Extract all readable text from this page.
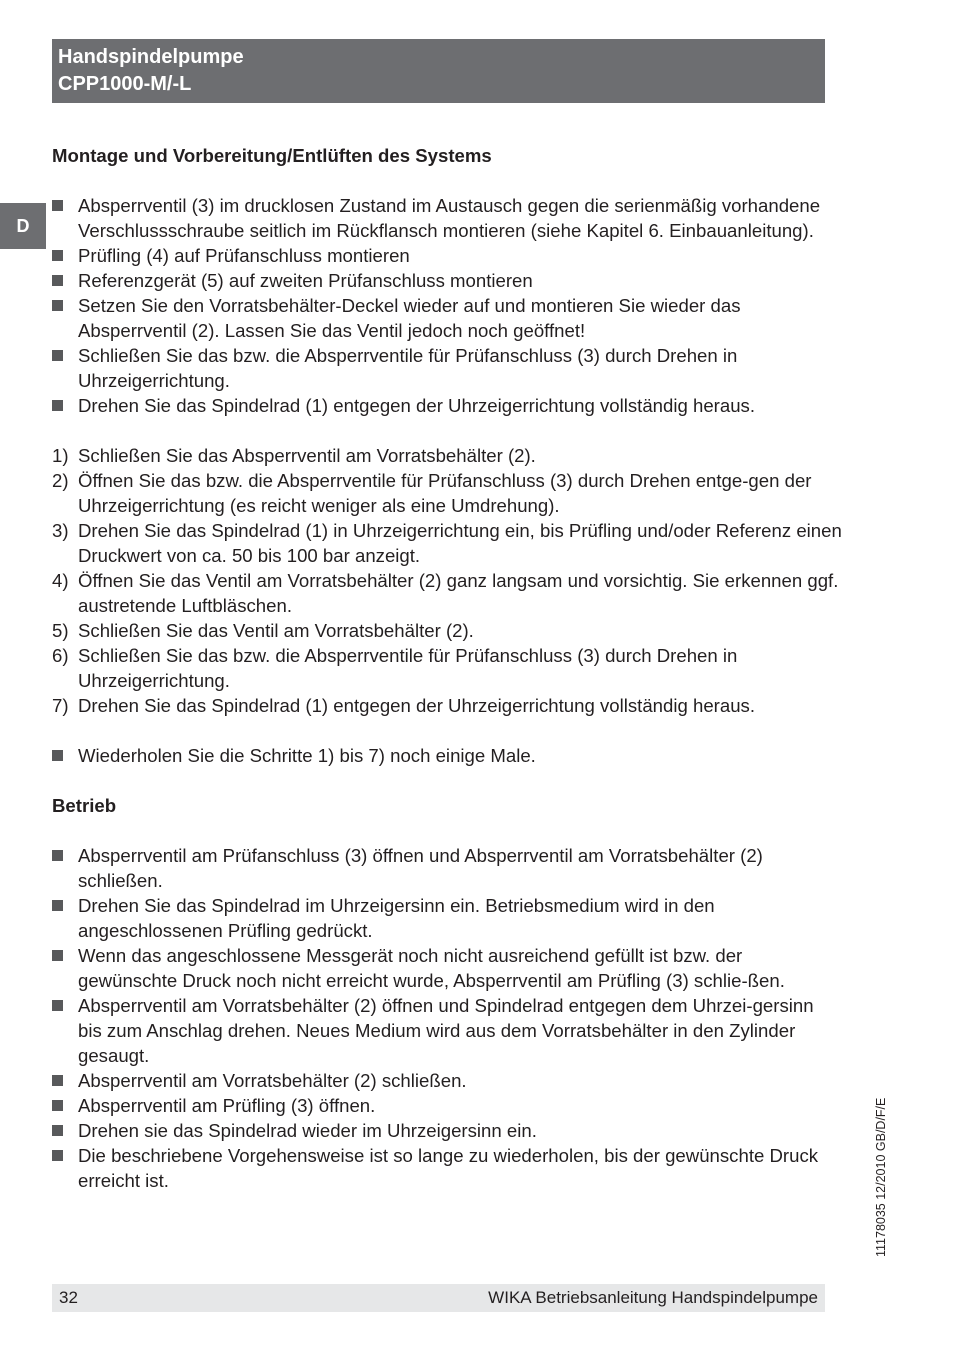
Handspindelpumpe
CPP1000-M/-L
D
Montage und Vorbereitung/Entlüften des Systems
Absperrventil (3) im drucklosen Zustand im Austausch gegen die serienmäßig vorhandene Verschlussschraube seitlich im Rückflansch montieren (siehe Kapitel 6. Einbauanleitung).
Prüfling (4) auf Prüfanschluss montieren
Referenzgerät (5) auf zweiten Prüfanschluss montieren
Setzen Sie den Vorratsbehälter-Deckel wieder auf und montieren Sie wieder das Absperrventil (2). Lassen Sie das Ventil jedoch noch geöffnet!
Schließen Sie das bzw. die Absperrventile für Prüfanschluss (3) durch Drehen in Uhrzeigerrichtung.
Drehen Sie das Spindelrad (1) entgegen der Uhrzeigerrichtung vollständig heraus.
1) Schließen Sie das Absperrventil am Vorratsbehälter (2).
2) Öffnen Sie das bzw. die Absperrventile für Prüfanschluss (3) durch Drehen entge-gen der Uhrzeigerrichtung (es reicht weniger als eine Umdrehung).
3) Drehen Sie das Spindelrad (1) in Uhrzeigerrichtung ein, bis Prüfling und/oder Referenz einen Druckwert von ca. 50 bis 100 bar anzeigt.
4) Öffnen Sie das Ventil am Vorratsbehälter (2) ganz langsam und vorsichtig. Sie erkennen ggf. austretende Luftbläschen.
5) Schließen Sie das Ventil am Vorratsbehälter (2).
6) Schließen Sie das bzw. die Absperrventile für Prüfanschluss (3) durch Drehen in Uhrzeigerrichtung.
7) Drehen Sie das Spindelrad (1) entgegen der Uhrzeigerrichtung vollständig heraus.
Wiederholen Sie die Schritte 1) bis 7) noch einige Male.
Betrieb
Absperrventil am Prüfanschluss (3) öffnen und Absperrventil am Vorratsbehälter (2) schließen.
Drehen Sie das Spindelrad im Uhrzeigersinn ein. Betriebsmedium wird in den angeschlossenen Prüfling gedrückt.
Wenn das angeschlossene Messgerät noch nicht ausreichend gefüllt ist bzw. der gewünschte Druck noch nicht erreicht wurde, Absperrventil am Prüfling (3) schlie-ßen.
Absperrventil am Vorratsbehälter (2) öffnen und Spindelrad entgegen dem Uhrzei-gersinn bis zum Anschlag drehen. Neues Medium wird aus dem Vorratsbehälter in den Zylinder gesaugt.
Absperrventil am Vorratsbehälter (2) schließen.
Absperrventil am Prüfling (3) öffnen.
Drehen sie das Spindelrad wieder im Uhrzeigersinn ein.
Die beschriebene Vorgehensweise ist so lange zu wiederholen, bis der gewünschte Druck erreicht ist.	11178035 12/2010 GB/D/F/E
32	WIKA Betriebsanleitung Handspindelpumpe
